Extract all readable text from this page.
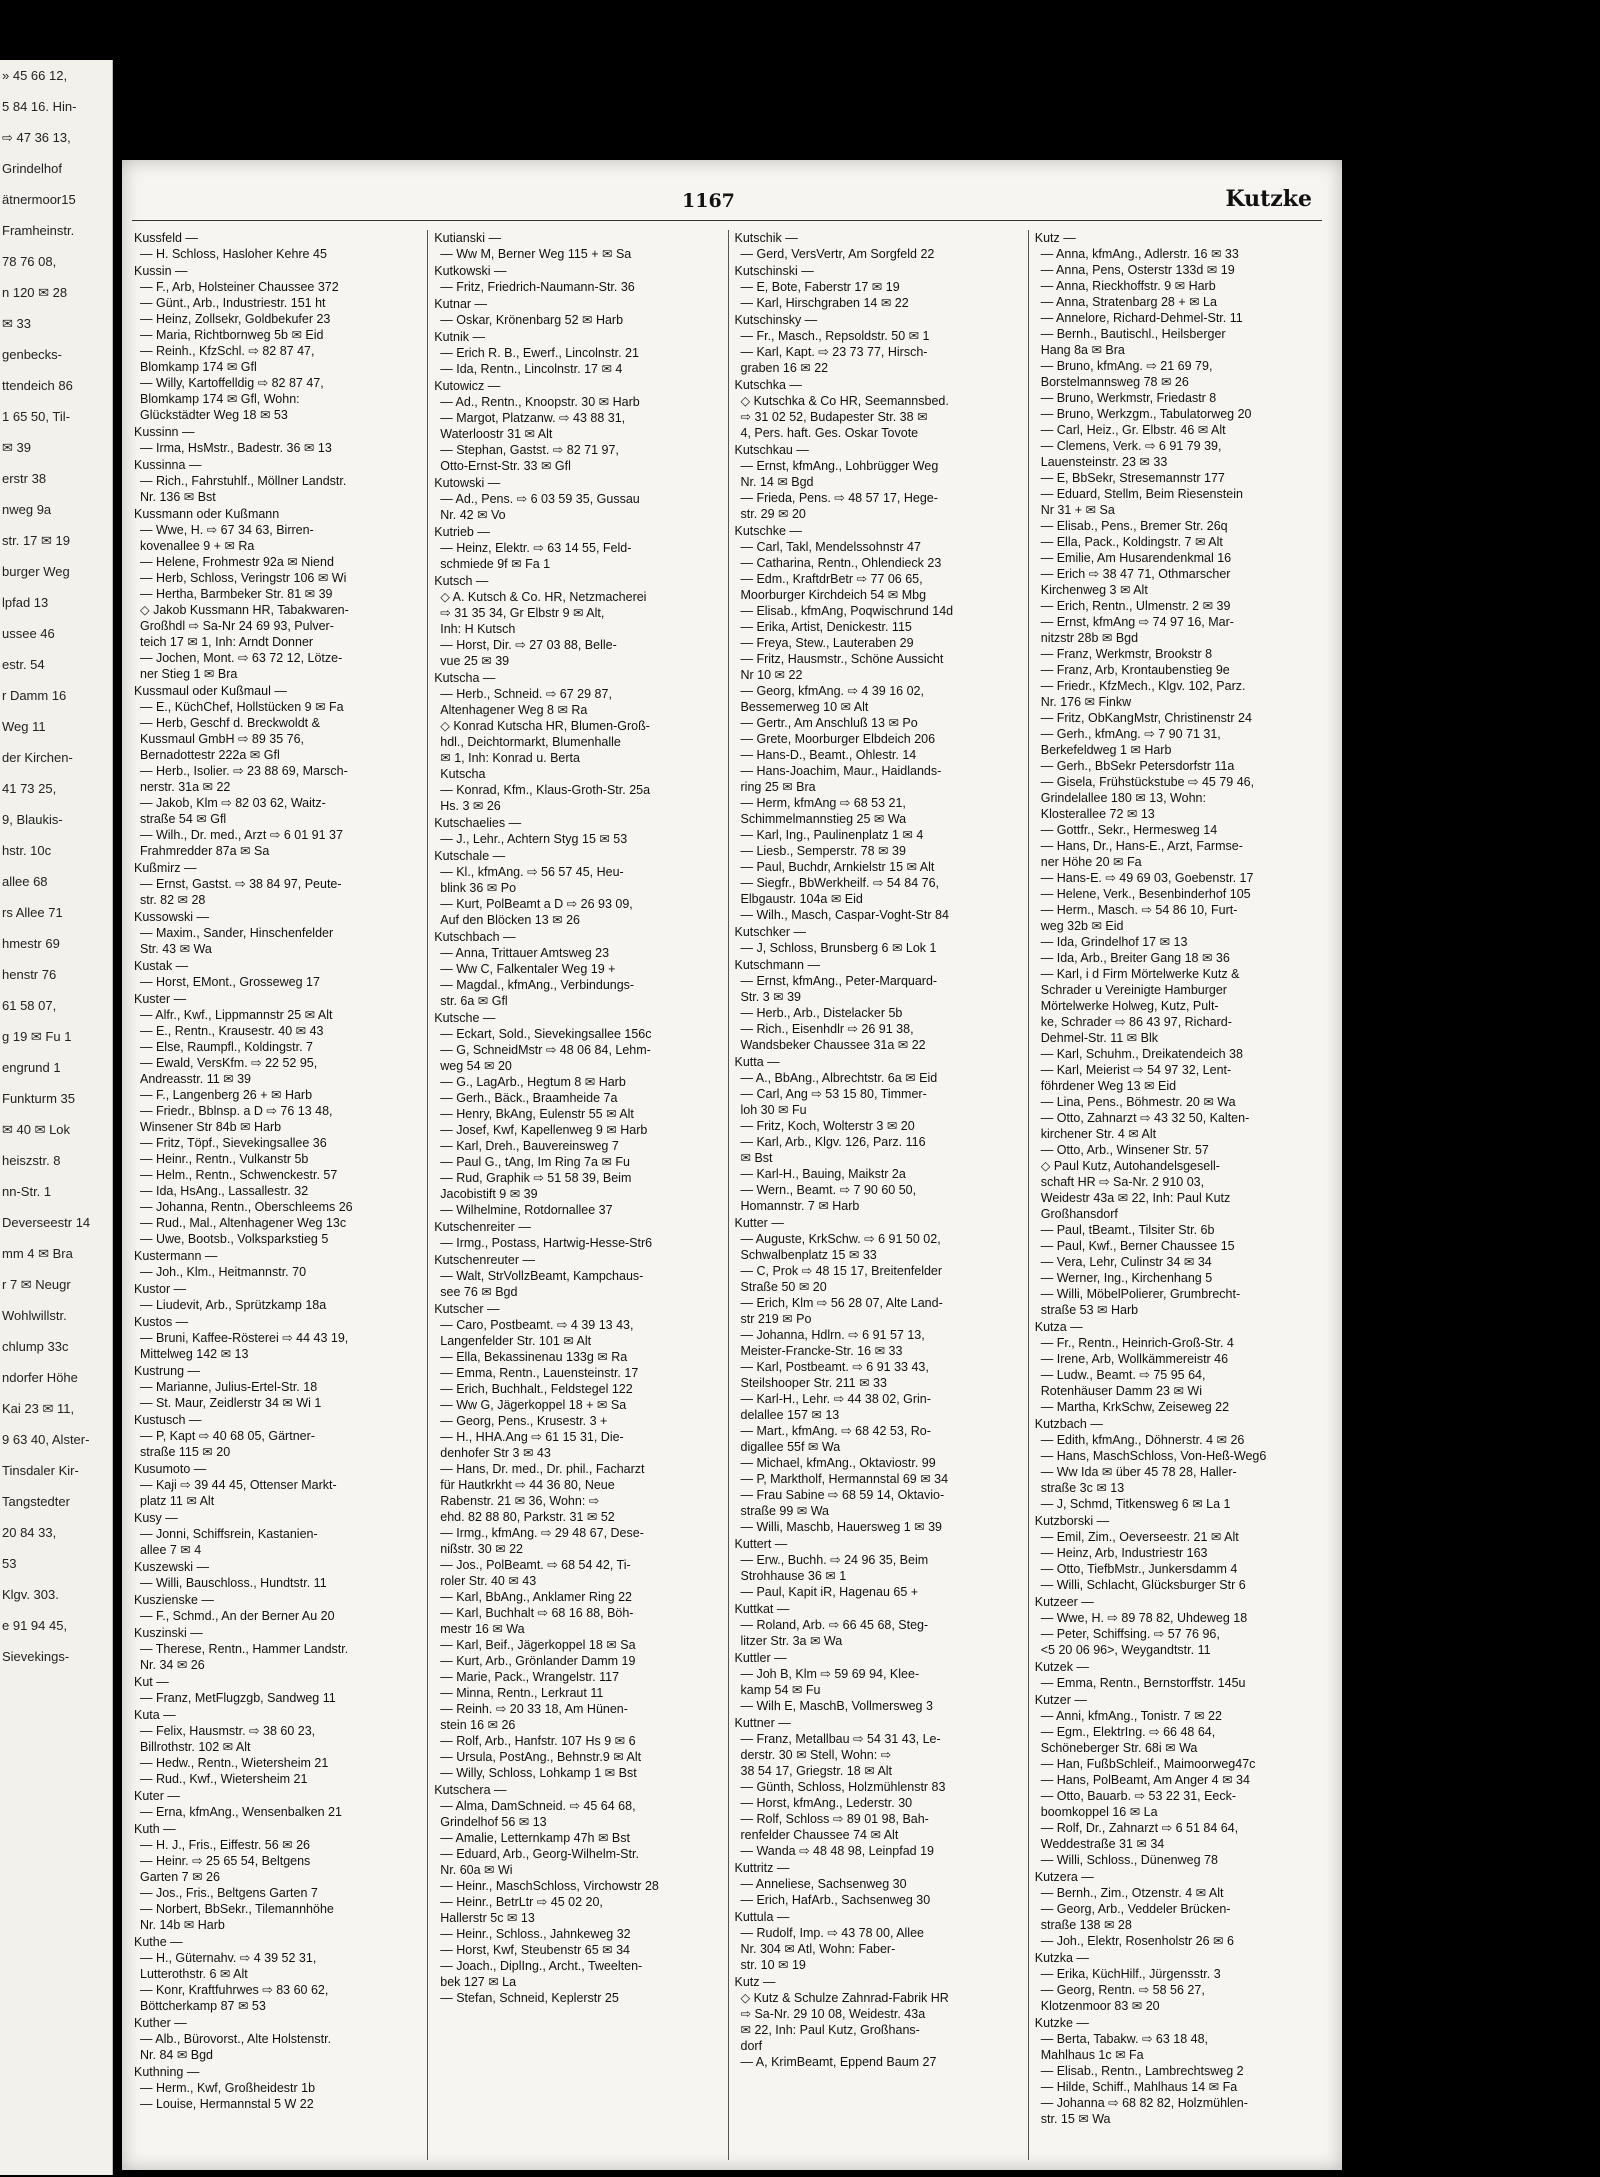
» 45 66 12,
5 84 16. Hin-
⇨ 47 36 13,
Grindelhof
ätnermoor15
Framheinstr.
78 76 08,
n 120 ✉ 28
✉ 33
genbecks-
ttendeich 86
1 65 50, Til-
✉ 39
erstr 38
nweg 9a
str. 17 ✉ 19
burger Weg
lpfad 13
ussee 46
estr. 54
r Damm 16
Weg 11
der Kirchen-
41 73 25,
9, Blaukis-
hstr. 10c
allee 68
rs Allee 71
hmestr 69
henstr 76
61 58 07,
g 19 ✉ Fu 1
engrund 1
Funkturm 35
✉ 40 ✉ Lok
heiszstr. 8
nn-Str. 1
Deverseestr 14
mm 4 ✉ Bra
r 7 ✉ Neugr
Wohlwillstr.
chlump 33c
ndorfer Höhe
Kai 23 ✉ 11,
9 63 40, Alster-
Tinsdaler Kir-
Tangstedter
20 84 33,
53
Klgv. 303.
e 91 94 45,
Sievekings-
1167	Kutzke
Kussfeld —
— H. Schloss, Hasloher Kehre 45
Kussin —
— F., Arb, Holsteiner Chaussee 372
— Günt., Arb., Industriestr. 151 ht
— Heinz, Zollsekr, Goldbekufer 23
— Maria, Richtbornweg 5b ✉ Eid
— Reinh., KfzSchl. ⇨ 82 87 47,
Blomkamp 174 ✉ Gfl
— Willy, Kartoffelldig ⇨ 82 87 47,
Blomkamp 174 ✉ Gfl, Wohn:
Glückstädter Weg 18 ✉ 53
Kussinn —
— Irma, HsMstr., Badestr. 36 ✉ 13
Kussinna —
— Rich., Fahrstuhlf., Möllner Landstr.
Nr. 136 ✉ Bst
Kussmann oder Kußmann
— Wwe, H. ⇨ 67 34 63, Birren-
kovenallee 9 + ✉ Ra
— Helene, Frohmestr 92a ✉ Niend
— Herb, Schloss, Veringstr 106 ✉ Wi
— Hertha, Barmbeker Str. 81 ✉ 39
◇ Jakob Kussmann HR, Tabakwaren-
Großhdl ⇨ Sa-Nr 24 69 93, Pulver-
teich 17 ✉ 1, Inh: Arndt Donner
— Jochen, Mont. ⇨ 63 72 12, Lötze-
ner Stieg 1 ✉ Bra
Kussmaul oder Kußmaul —
— E., KüchChef, Hollstücken 9 ✉ Fa
— Herb, Geschf d. Breckwoldt &
Kussmaul GmbH ⇨ 89 35 76,
Bernadottestr 222a ✉ Gfl
— Herb., Isolier. ⇨ 23 88 69, Marsch-
nerstr. 31a ✉ 22
— Jakob, Klm ⇨ 82 03 62, Waitz-
straße 54 ✉ Gfl
— Wilh., Dr. med., Arzt ⇨ 6 01 91 37
Frahmredder 87a ✉ Sa
Kußmirz —
— Ernst, Gastst. ⇨ 38 84 97, Peute-
str. 82 ✉ 28
Kussowski —
— Maxim., Sander, Hinschenfelder
Str. 43 ✉ Wa
Kustak —
— Horst, EMont., Grosseweg 17
Kuster —
— Alfr., Kwf., Lippmannstr 25 ✉ Alt
— E., Rentn., Krausestr. 40 ✉ 43
— Else, Raumpfl., Koldingstr. 7
— Ewald, VersKfm. ⇨ 22 52 95,
Andreasstr. 11 ✉ 39
— F., Langenberg 26 + ✉ Harb
— Friedr., Bblnsp. a D ⇨ 76 13 48,
Winsener Str 84b ✉ Harb
— Fritz, Töpf., Sievekingsallee 36
— Heinr., Rentn., Vulkanstr 5b
— Helm., Rentn., Schwenckestr. 57
— Ida, HsAng., Lassallestr. 32
— Johanna, Rentn., Oberschleems 26
— Rud., Mal., Altenhagener Weg 13c
— Uwe, Bootsb., Volksparkstieg 5
Kustermann —
— Joh., Klm., Heitmannstr. 70
Kustor —
— Liudevit, Arb., Sprützkamp 18a
Kustos —
— Bruni, Kaffee-Rösterei ⇨ 44 43 19,
Mittelweg 142 ✉ 13
Kustrung —
— Marianne, Julius-Ertel-Str. 18
— St. Maur, Zeidlerstr 34 ✉ Wi 1
Kustusch —
— P, Kapt ⇨ 40 68 05, Gärtner-
straße 115 ✉ 20
Kusumoto —
— Kaji ⇨ 39 44 45, Ottenser Markt-
platz 11 ✉ Alt
Kusy —
— Jonni, Schiffsrein, Kastanien-
allee 7 ✉ 4
Kuszewski —
— Willi, Bauschloss., Hundtstr. 11
Kuszienske —
— F., Schmd., An der Berner Au 20
Kuszinski —
— Therese, Rentn., Hammer Landstr.
Nr. 34 ✉ 26
Kut —
— Franz, MetFlugzgb, Sandweg 11
Kuta —
— Felix, Hausmstr. ⇨ 38 60 23,
Billrothstr. 102 ✉ Alt
— Hedw., Rentn., Wietersheim 21
— Rud., Kwf., Wietersheim 21
Kuter —
— Erna, kfmAng., Wensenbalken 21
Kuth —
— H. J., Fris., Eiffestr. 56 ✉ 26
— Heinr. ⇨ 25 65 54, Beltgens
Garten 7 ✉ 26
— Jos., Fris., Beltgens Garten 7
— Norbert, BbSekr., Tilemannhöhe
Nr. 14b ✉ Harb
Kuthe —
— H., Güternahv. ⇨ 4 39 52 31,
Lutterothstr. 6 ✉ Alt
— Konr, Kraftfuhrwes ⇨ 83 60 62,
Böttcherkamp 87 ✉ 53
Kuther —
— Alb., Bürovorst., Alte Holstenstr.
Nr. 84 ✉ Bgd
Kuthning —
— Herm., Kwf, Großheidestr 1b
— Louise, Hermannstal 5 W 22
Kutianski —
— Ww M, Berner Weg 115 + ✉ Sa
Kutkowski —
— Fritz, Friedrich-Naumann-Str. 36
Kutnar —
— Oskar, Krönenbarg 52 ✉ Harb
Kutnik —
— Erich R. B., Ewerf., Lincolnstr. 21
— Ida, Rentn., Lincolnstr. 17 ✉ 4
Kutowicz —
— Ad., Rentn., Knoopstr. 30 ✉ Harb
— Margot, Platzanw. ⇨ 43 88 31,
Waterloostr 31 ✉ Alt
— Stephan, Gastst. ⇨ 82 71 97,
Otto-Ernst-Str. 33 ✉ Gfl
Kutowski —
— Ad., Pens. ⇨ 6 03 59 35, Gussau
Nr. 42 ✉ Vo
Kutrieb —
— Heinz, Elektr. ⇨ 63 14 55, Feld-
schmiede 9f ✉ Fa 1
Kutsch —
◇ A. Kutsch & Co. HR, Netzmacherei
⇨ 31 35 34, Gr Elbstr 9 ✉ Alt,
Inh: H Kutsch
— Horst, Dir. ⇨ 27 03 88, Belle-
vue 25 ✉ 39
Kutscha —
— Herb., Schneid. ⇨ 67 29 87,
Altenhagener Weg 8 ✉ Ra
◇ Konrad Kutscha HR, Blumen-Groß-
hdl., Deichtormarkt, Blumenhalle
✉ 1, Inh: Konrad u. Berta
Kutscha
— Konrad, Kfm., Klaus-Groth-Str. 25a
Hs. 3 ✉ 26
Kutschaelies —
— J., Lehr., Achtern Styg 15 ✉ 53
Kutschale —
— Kl., kfmAng. ⇨ 56 57 45, Heu-
blink 36 ✉ Po
— Kurt, PolBeamt a D ⇨ 26 93 09,
Auf den Blöcken 13 ✉ 26
Kutschbach —
— Anna, Trittauer Amtsweg 23
— Ww C, Falkentaler Weg 19 +
— Magdal., kfmAng., Verbindungs-
str. 6a ✉ Gfl
Kutsche —
— Eckart, Sold., Sievekingsallee 156c
— G, SchneidMstr ⇨ 48 06 84, Lehm-
weg 54 ✉ 20
— G., LagArb., Hegtum 8 ✉ Harb
— Gerh., Bäck., Braamheide 7a
— Henry, BkAng, Eulenstr 55 ✉ Alt
— Josef, Kwf, Kapellenweg 9 ✉ Harb
— Karl, Dreh., Bauvereinsweg 7
— Paul G., tAng, Im Ring 7a ✉ Fu
— Rud, Graphik ⇨ 51 58 39, Beim
Jacobistift 9 ✉ 39
— Wilhelmine, Rotdornallee 37
Kutschenreiter —
— Irmg., Postass, Hartwig-Hesse-Str6
Kutschenreuter —
— Walt, StrVollzBeamt, Kampchaus-
see 76 ✉ Bgd
Kutscher —
— Caro, Postbeamt. ⇨ 4 39 13 43,
Langenfelder Str. 101 ✉ Alt
— Ella, Bekassinenau 133g ✉ Ra
— Emma, Rentn., Lauensteinstr. 17
— Erich, Buchhalt., Feldstegel 122
— Ww G, Jägerkoppel 18 + ✉ Sa
— Georg, Pens., Krusestr. 3 +
— H., HHA.Ang ⇨ 61 15 31, Die-
denhofer Str 3 ✉ 43
— Hans, Dr. med., Dr. phil., Facharzt
für Hautkrkht ⇨ 44 36 80, Neue
Rabenstr. 21 ✉ 36, Wohn: ⇨
ehd. 82 88 80, Parkstr. 31 ✉ 52
— Irmg., kfmAng. ⇨ 29 48 67, Dese-
nißstr. 30 ✉ 22
— Jos., PolBeamt. ⇨ 68 54 42, Ti-
roler Str. 40 ✉ 43
— Karl, BbAng., Anklamer Ring 22
— Karl, Buchhalt ⇨ 68 16 88, Böh-
mestr 16 ✉ Wa
— Karl, Beif., Jägerkoppel 18 ✉ Sa
— Kurt, Arb., Grönlander Damm 19
— Marie, Pack., Wrangelstr. 117
— Minna, Rentn., Lerkraut 11
— Reinh. ⇨ 20 33 18, Am Hünen-
stein 16 ✉ 26
— Rolf, Arb., Hanfstr. 107 Hs 9 ✉ 6
— Ursula, PostAng., Behnstr.9 ✉ Alt
— Willy, Schloss, Lohkamp 1 ✉ Bst
Kutschera —
— Alma, DamSchneid. ⇨ 45 64 68,
Grindelhof 56 ✉ 13
— Amalie, Letternkamp 47h ✉ Bst
— Eduard, Arb., Georg-Wilhelm-Str.
Nr. 60a ✉ Wi
— Heinr., MaschSchloss, Virchowstr 28
— Heinr., BetrLtr ⇨ 45 02 20,
Hallerstr 5c ✉ 13
— Heinr., Schloss., Jahnkeweg 32
— Horst, Kwf, Steubenstr 65 ✉ 34
— Joach., DiplIng., Archt., Tweelten-
bek 127 ✉ La
— Stefan, Schneid, Keplerstr 25
Kutschik —
— Gerd, VersVertr, Am Sorgfeld 22
Kutschinski —
— E, Bote, Faberstr 17 ✉ 19
— Karl, Hirschgraben 14 ✉ 22
Kutschinsky —
— Fr., Masch., Repsoldstr. 50 ✉ 1
— Karl, Kapt. ⇨ 23 73 77, Hirsch-
graben 16 ✉ 22
Kutschka —
◇ Kutschka & Co HR, Seemannsbed.
⇨ 31 02 52, Budapester Str. 38 ✉
4, Pers. haft. Ges. Oskar Tovote
Kutschkau —
— Ernst, kfmAng., Lohbrügger Weg
Nr. 14 ✉ Bgd
— Frieda, Pens. ⇨ 48 57 17, Hege-
str. 29 ✉ 20
Kutschke —
— Carl, Takl, Mendelssohnstr 47
— Catharina, Rentn., Ohlendieck 23
— Edm., KraftdrBetr ⇨ 77 06 65,
Moorburger Kirchdeich 54 ✉ Mbg
— Elisab., kfmAng, Poqwischrund 14d
— Erika, Artist, Denickestr. 115
— Freya, Stew., Lauteraben 29
— Fritz, Hausmstr., Schöne Aussicht
Nr 10 ✉ 22
— Georg, kfmAng. ⇨ 4 39 16 02,
Bessemerweg 10 ✉ Alt
— Gertr., Am Anschluß 13 ✉ Po
— Grete, Moorburger Elbdeich 206
— Hans-D., Beamt., Ohlestr. 14
— Hans-Joachim, Maur., Haidlands-
ring 25 ✉ Bra
— Herm, kfmAng ⇨ 68 53 21,
Schimmelmannstieg 25 ✉ Wa
— Karl, Ing., Paulinenplatz 1 ✉ 4
— Liesb., Semperstr. 78 ✉ 39
— Paul, Buchdr, Arnkielstr 15 ✉ Alt
— Siegfr., BbWerkheilf. ⇨ 54 84 76,
Elbgaustr. 104a ✉ Eid
— Wilh., Masch, Caspar-Voght-Str 84
Kutschker —
— J, Schloss, Brunsberg 6 ✉ Lok 1
Kutschmann —
— Ernst, kfmAng., Peter-Marquard-
Str. 3 ✉ 39
— Herb., Arb., Distelacker 5b
— Rich., Eisenhdlr ⇨ 26 91 38,
Wandsbeker Chaussee 31a ✉ 22
Kutta —
— A., BbAng., Albrechtstr. 6a ✉ Eid
— Carl, Ang ⇨ 53 15 80, Timmer-
loh 30 ✉ Fu
— Fritz, Koch, Wolterstr 3 ✉ 20
— Karl, Arb., Klgv. 126, Parz. 116
✉ Bst
— Karl-H., Bauing, Maikstr 2a
— Wern., Beamt. ⇨ 7 90 60 50,
Homannstr. 7 ✉ Harb
Kutter —
— Auguste, KrkSchw. ⇨ 6 91 50 02,
Schwalbenplatz 15 ✉ 33
— C, Prok ⇨ 48 15 17, Breitenfelder
Straße 50 ✉ 20
— Erich, Klm ⇨ 56 28 07, Alte Land-
str 219 ✉ Po
— Johanna, Hdlrn. ⇨ 6 91 57 13,
Meister-Francke-Str. 16 ✉ 33
— Karl, Postbeamt. ⇨ 6 91 33 43,
Steilshooper Str. 211 ✉ 33
— Karl-H., Lehr. ⇨ 44 38 02, Grin-
delallee 157 ✉ 13
— Mart., kfmAng. ⇨ 68 42 53, Ro-
digallee 55f ✉ Wa
— Michael, kfmAng., Oktaviostr. 99
— P, Marktholf, Hermannstal 69 ✉ 34
— Frau Sabine ⇨ 68 59 14, Oktavio-
straße 99 ✉ Wa
— Willi, Maschb, Hauersweg 1 ✉ 39
Kuttert —
— Erw., Buchh. ⇨ 24 96 35, Beim
Strohhause 36 ✉ 1
— Paul, Kapit iR, Hagenau 65 +
Kuttkat —
— Roland, Arb. ⇨ 66 45 68, Steg-
litzer Str. 3a ✉ Wa
Kuttler —
— Joh B, Klm ⇨ 59 69 94, Klee-
kamp 54 ✉ Fu
— Wilh E, MaschB, Vollmersweg 3
Kuttner —
— Franz, Metallbau ⇨ 54 31 43, Le-
derstr. 30 ✉ Stell, Wohn: ⇨
38 54 17, Griegstr. 18 ✉ Alt
— Günth, Schloss, Holzmühlenstr 83
— Horst, kfmAng., Lederstr. 30
— Rolf, Schloss ⇨ 89 01 98, Bah-
renfelder Chaussee 74 ✉ Alt
— Wanda ⇨ 48 48 98, Leinpfad 19
Kuttritz —
— Anneliese, Sachsenweg 30
— Erich, HafArb., Sachsenweg 30
Kuttula —
— Rudolf, Imp. ⇨ 43 78 00, Allee
Nr. 304 ✉ Atl, Wohn: Faber-
str. 10 ✉ 19
Kutz —
◇ Kutz & Schulze Zahnrad-Fabrik HR
⇨ Sa-Nr. 29 10 08, Weidestr. 43a
✉ 22, Inh: Paul Kutz, Großhans-
dorf
— A, KrimBeamt, Eppend Baum 27
Kutz —
— Anna, kfmAng., Adlerstr. 16 ✉ 33
— Anna, Pens, Osterstr 133d ✉ 19
— Anna, Rieckhoffstr. 9 ✉ Harb
— Anna, Stratenbarg 28 + ✉ La
— Annelore, Richard-Dehmel-Str. 11
— Bernh., Bautischl., Heilsberger
Hang 8a ✉ Bra
— Bruno, kfmAng. ⇨ 21 69 79,
Borstelmannsweg 78 ✉ 26
— Bruno, Werkmstr, Friedastr 8
— Bruno, Werkzgm., Tabulatorweg 20
— Carl, Heiz., Gr. Elbstr. 46 ✉ Alt
— Clemens, Verk. ⇨ 6 91 79 39,
Lauensteinstr. 23 ✉ 33
— E, BbSekr, Stresemannstr 177
— Eduard, Stellm, Beim Riesenstein
Nr 31 + ✉ Sa
— Elisab., Pens., Bremer Str. 26q
— Ella, Pack., Koldingstr. 7 ✉ Alt
— Emilie, Am Husarendenkmal 16
— Erich ⇨ 38 47 71, Othmarscher
Kirchenweg 3 ✉ Alt
— Erich, Rentn., Ulmenstr. 2 ✉ 39
— Ernst, kfmAng ⇨ 74 97 16, Mar-
nitzstr 28b ✉ Bgd
— Franz, Werkmstr, Brookstr 8
— Franz, Arb, Krontaubenstieg 9e
— Friedr., KfzMech., Klgv. 102, Parz.
Nr. 176 ✉ Finkw
— Fritz, ObKangMstr, Christinenstr 24
— Gerh., kfmAng. ⇨ 7 90 71 31,
Berkefeldweg 1 ✉ Harb
— Gerh., BbSekr Petersdorfstr 11a
— Gisela, Frühstückstube ⇨ 45 79 46,
Grindelallee 180 ✉ 13, Wohn:
Klosterallee 72 ✉ 13
— Gottfr., Sekr., Hermesweg 14
— Hans, Dr., Hans-E., Arzt, Farmse-
ner Höhe 20 ✉ Fa
— Hans-E. ⇨ 49 69 03, Goebenstr. 17
— Helene, Verk., Besenbinderhof 105
— Herm., Masch. ⇨ 54 86 10, Furt-
weg 32b ✉ Eid
— Ida, Grindelhof 17 ✉ 13
— Ida, Arb., Breiter Gang 18 ✉ 36
— Karl, i d Firm Mörtelwerke Kutz &
Schrader u Vereinigte Hamburger
Mörtelwerke Holweg, Kutz, Pult-
ke, Schrader ⇨ 86 43 97, Richard-
Dehmel-Str. 11 ✉ Blk
— Karl, Schuhm., Dreikatendeich 38
— Karl, Meierist ⇨ 54 97 32, Lent-
föhrdener Weg 13 ✉ Eid
— Lina, Pens., Böhmestr. 20 ✉ Wa
— Otto, Zahnarzt ⇨ 43 32 50, Kalten-
kirchener Str. 4 ✉ Alt
— Otto, Arb., Winsener Str. 57
◇ Paul Kutz, Autohandelsgesell-
schaft HR ⇨ Sa-Nr. 2 910 03,
Weidestr 43a ✉ 22, Inh: Paul Kutz
Großhansdorf
— Paul, tBeamt., Tilsiter Str. 6b
— Paul, Kwf., Berner Chaussee 15
— Vera, Lehr, Culinstr 34 ✉ 34
— Werner, Ing., Kirchenhang 5
— Willi, MöbelPolierer, Grumbrecht-
straße 53 ✉ Harb
Kutza —
— Fr., Rentn., Heinrich-Groß-Str. 4
— Irene, Arb, Wollkämmereistr 46
— Ludw., Beamt. ⇨ 75 95 64,
Rotenhäuser Damm 23 ✉ Wi
— Martha, KrkSchw, Zeiseweg 22
Kutzbach —
— Edith, kfmAng., Döhnerstr. 4 ✉ 26
— Hans, MaschSchloss, Von-Heß-Weg6
— Ww Ida ✉ über 45 78 28, Haller-
straße 3c ✉ 13
— J, Schmd, Titkensweg 6 ✉ La 1
Kutzborski —
— Emil, Zim., Oeverseestr. 21 ✉ Alt
— Heinz, Arb, Industriestr 163
— Otto, TiefbMstr., Junkersdamm 4
— Willi, Schlacht, Glücksburger Str 6
Kutzeer —
— Wwe, H. ⇨ 89 78 82, Uhdeweg 18
— Peter, Schiffsing. ⇨ 57 76 96,
<5 20 06 96>, Weygandtstr. 11
Kutzek —
— Emma, Rentn., Bernstorffstr. 145u
Kutzer —
— Anni, kfmAng., Tonistr. 7 ✉ 22
— Egm., ElektrIng. ⇨ 66 48 64,
Schöneberger Str. 68i ✉ Wa
— Han, FußbSchleif., Maimoorweg47c
— Hans, PolBeamt, Am Anger 4 ✉ 34
— Otto, Bauarb. ⇨ 53 22 31, Eeck-
boomkoppel 16 ✉ La
— Rolf, Dr., Zahnarzt ⇨ 6 51 84 64,
Weddestraße 31 ✉ 34
— Willi, Schloss., Dünenweg 78
Kutzera —
— Bernh., Zim., Otzenstr. 4 ✉ Alt
— Georg, Arb., Veddeler Brücken-
straße 138 ✉ 28
— Joh., Elektr, Rosenholstr 26 ✉ 6
Kutzka —
— Erika, KüchHilf., Jürgensstr. 3
— Georg, Rentn. ⇨ 58 56 27,
Klotzenmoor 83 ✉ 20
Kutzke —
— Berta, Tabakw. ⇨ 63 18 48,
Mahlhaus 1c ✉ Fa
— Elisab., Rentn., Lambrechtsweg 2
— Hilde, Schiff., Mahlhaus 14 ✉ Fa
— Johanna ⇨ 68 82 82, Holzmühlen-
str. 15 ✉ Wa
